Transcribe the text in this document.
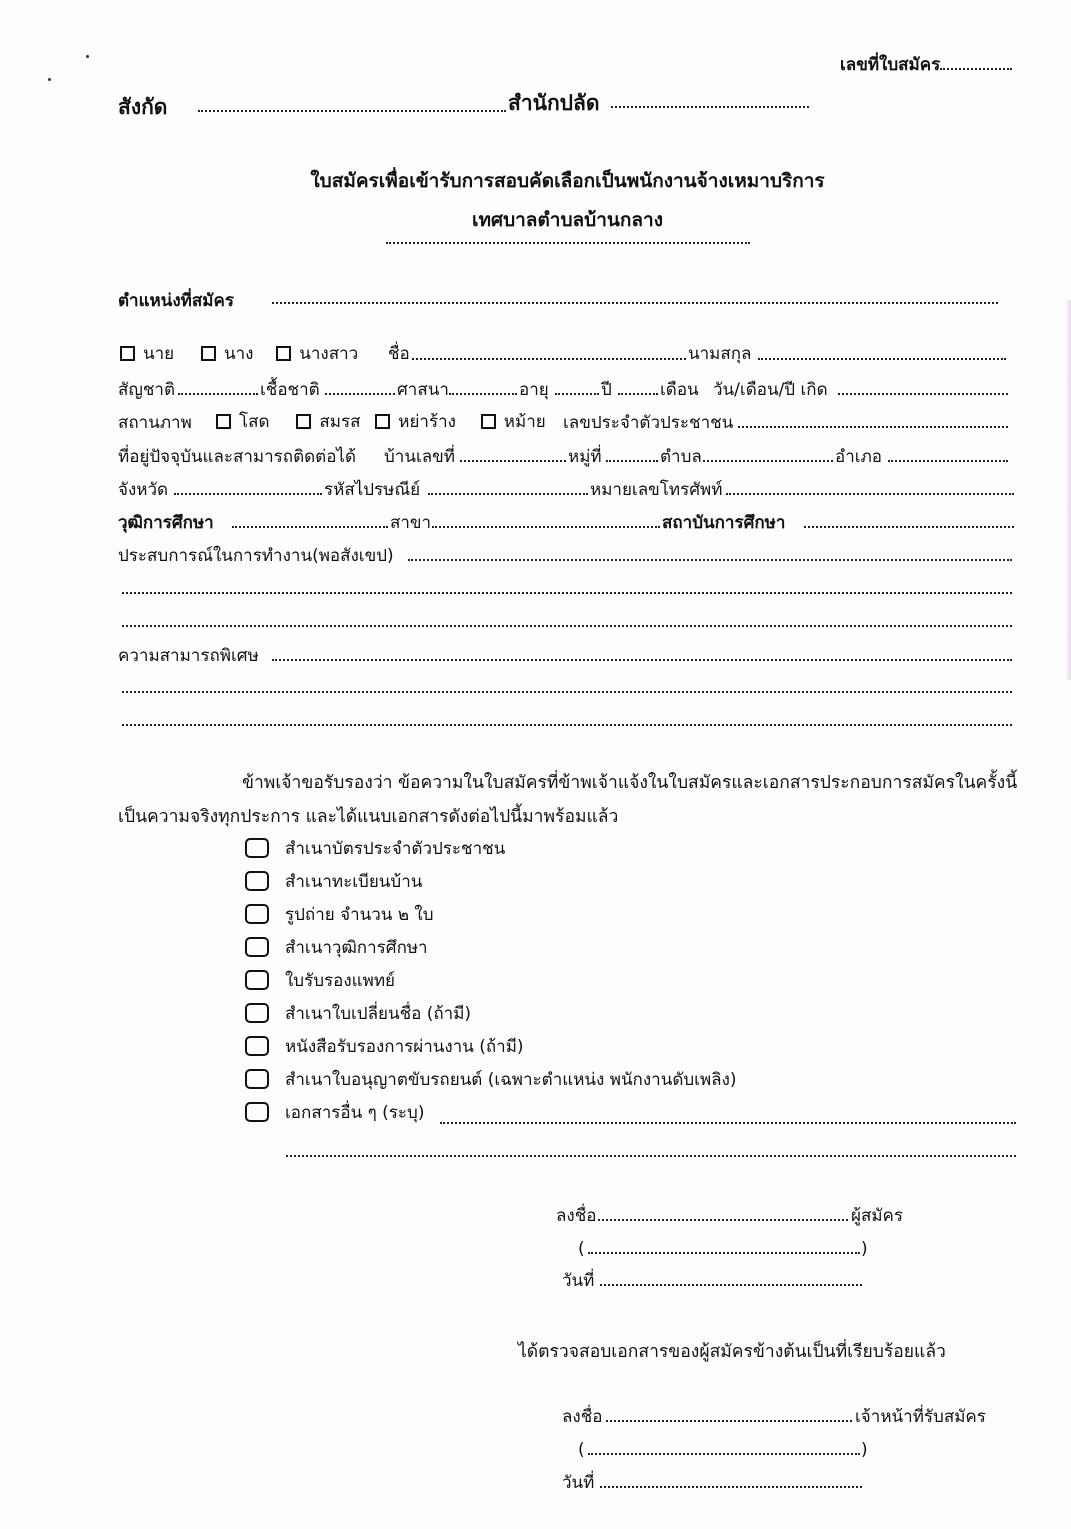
เลขที่ใบสมัคร
สังกัด	สำนักปลัด
ใบสมัครเพื่อเข้ารับการสอบคัดเลือกเป็นพนักงานจ้างเหมาบริการ
เทศบาลตำบลบ้านกลาง
ตำแหน่งที่สมัคร
นาย	นาง	นางสาว ชื่อ	นามสกุล
สัญชาติ	เชื้อชาติ	ศาสนา	อายุ	ปี	เดือน วัน/เดือน/ปี เกิด
สถานภาพ	โสด	สมรส หย่าร้าง	หม้าย เลขประจำตัวประชาชน
ที่อยู่ปัจจุบันและสามารถติดต่อได้ บ้านเลขที่	หมู่ที่	ตำบล	อำเภอ
จังหวัด	รหัสไปรษณีย์	หมายเลขโทรศัพท์
วุฒิการศึกษา	สาขา	สถาบันการศึกษา
ประสบการณ์ในการทำงาน(พอสังเขป)
ความสามารถพิเศษ
ข้าพเจ้าขอรับรองว่า ข้อความในใบสมัครที่ข้าพเจ้าแจ้งในใบสมัครและเอกสารประกอบการสมัครในครั้งนี้
เป็นความจริงทุกประการ และได้แนบเอกสารดังต่อไปนี้มาพร้อมแล้ว
สำเนาบัตรประจำตัวประชาชน
สำเนาทะเบียนบ้าน
รูปถ่าย จำนวน ๒ ใบ
สำเนาวุฒิการศึกษา
ใบรับรองแพทย์
สำเนาใบเปลี่ยนชื่อ (ถ้ามี)
หนังสือรับรองการผ่านงาน (ถ้ามี)
สำเนาใบอนุญาตขับรถยนต์ (เฉพาะตำแหน่ง พนักงานดับเพลิง)
เอกสารอื่น ๆ (ระบุ)
ลงชื่อ	ผู้สมัคร
(	)
วันที่
ได้ตรวจสอบเอกสารของผู้สมัครข้างต้นเป็นที่เรียบร้อยแล้ว
ลงชื่อ	เจ้าหน้าที่รับสมัคร
(	)
วันที่
